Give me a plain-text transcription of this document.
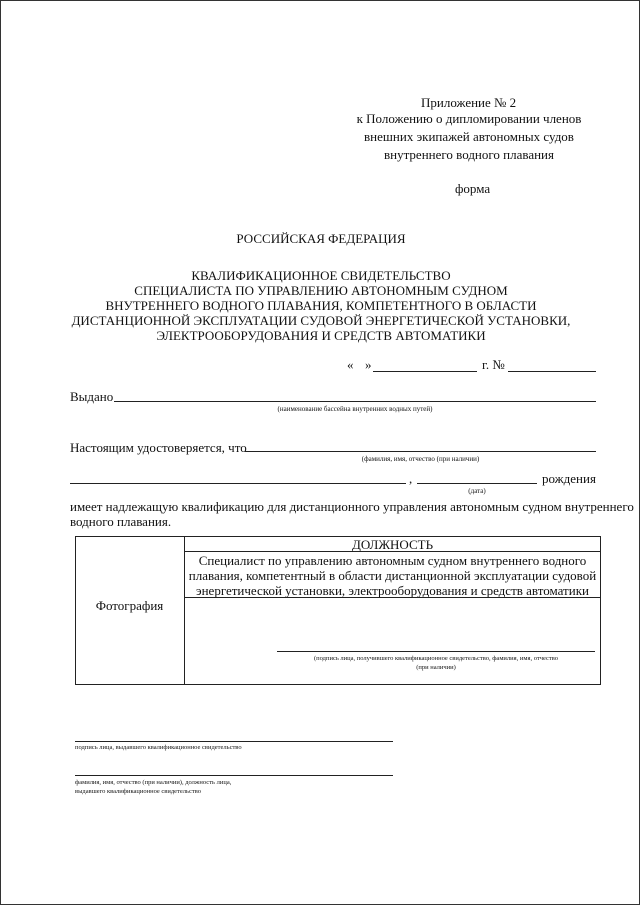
Приложение № 2
к Положению о дипломировании членов
внешних экипажей автономных судов
внутреннего водного плавания
форма
РОССИЙСКАЯ ФЕДЕРАЦИЯ
КВАЛИФИКАЦИОННОЕ СВИДЕТЕЛЬСТВО
СПЕЦИАЛИСТА ПО УПРАВЛЕНИЮ АВТОНОМНЫМ СУДНОМ
ВНУТРЕННЕГО ВОДНОГО ПЛАВАНИЯ, КОМПЕТЕНТНОГО В ОБЛАСТИ
ДИСТАНЦИОННОЙ ЭКСПЛУАТАЦИИ СУДОВОЙ ЭНЕРГЕТИЧЕСКОЙ УСТАНОВКИ,
ЭЛЕКТРООБОРУДОВАНИЯ И СРЕДСТВ АВТОМАТИКИ
« »	г. №
Выдано
(наименование бассейна внутренних водных путей)
Настоящим удостоверяется, что
(фамилия, имя, отчество (при наличии)
,	рождения
(дата)
имеет надлежащую квалификацию для дистанционного управления автономным судном внутреннего
водного плавания.
Фотография
ДОЛЖНОСТЬ
Специалист по управлению автономным судном внутреннего водного
плавания, компетентный в области дистанционной эксплуатации судовой
энергетической установки, электрооборудования и средств автоматики
(подпись лица, получившего квалификационное свидетельство, фамилия, имя, отчество
(при наличии)
подпись лица, выдавшего квалификационное свидетельство
фамилия, имя, отчество (при наличии), должность лица,
выдавшего квалификационное свидетельство
